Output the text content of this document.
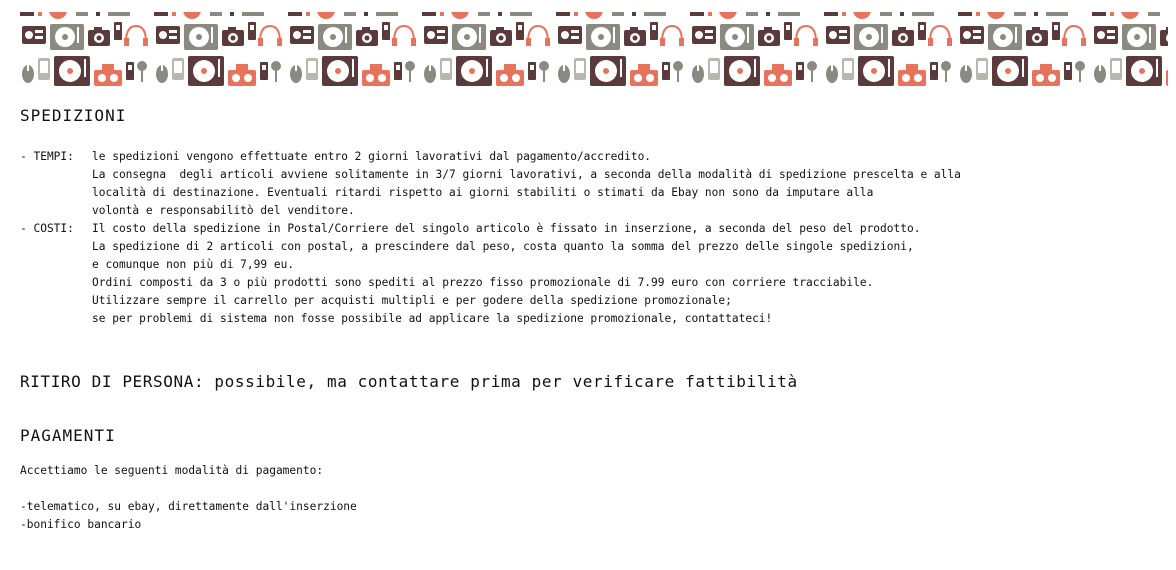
SPEDIZIONI
- TEMPI:	le spedizioni vengono effettuate entro 2 giorni lavorativi dal pagamento/accredito.
La consegna  degli articoli avviene solitamente in 3/7 giorni lavorativi, a seconda della modalità di spedizione prescelta e alla
località di destinazione. Eventuali ritardi rispetto ai giorni stabiliti o stimati da Ebay non sono da imputare alla
volontà e responsabilitò del venditore.
- COSTI:	Il costo della spedizione in Postal/Corriere del singolo articolo è fissato in inserzione, a seconda del peso del prodotto.
La spedizione di 2 articoli con postal, a prescindere dal peso, costa quanto la somma del prezzo delle singole spedizioni,
e comunque non più di 7,99 eu.
Ordini composti da 3 o più prodotti sono spediti al prezzo fisso promozionale di 7.99 euro con corriere tracciabile.
Utilizzare sempre il carrello per acquisti multipli e per godere della spedizione promozionale;
se per problemi di sistema non fosse possibile ad applicare la spedizione promozionale, contattateci!
RITIRO DI PERSONA: possibile, ma contattare prima per verificare fattibilità
PAGAMENTI
Accettiamo le seguenti modalità di pagamento:
-telematico, su ebay, direttamente dall'inserzione
-bonifico bancario
